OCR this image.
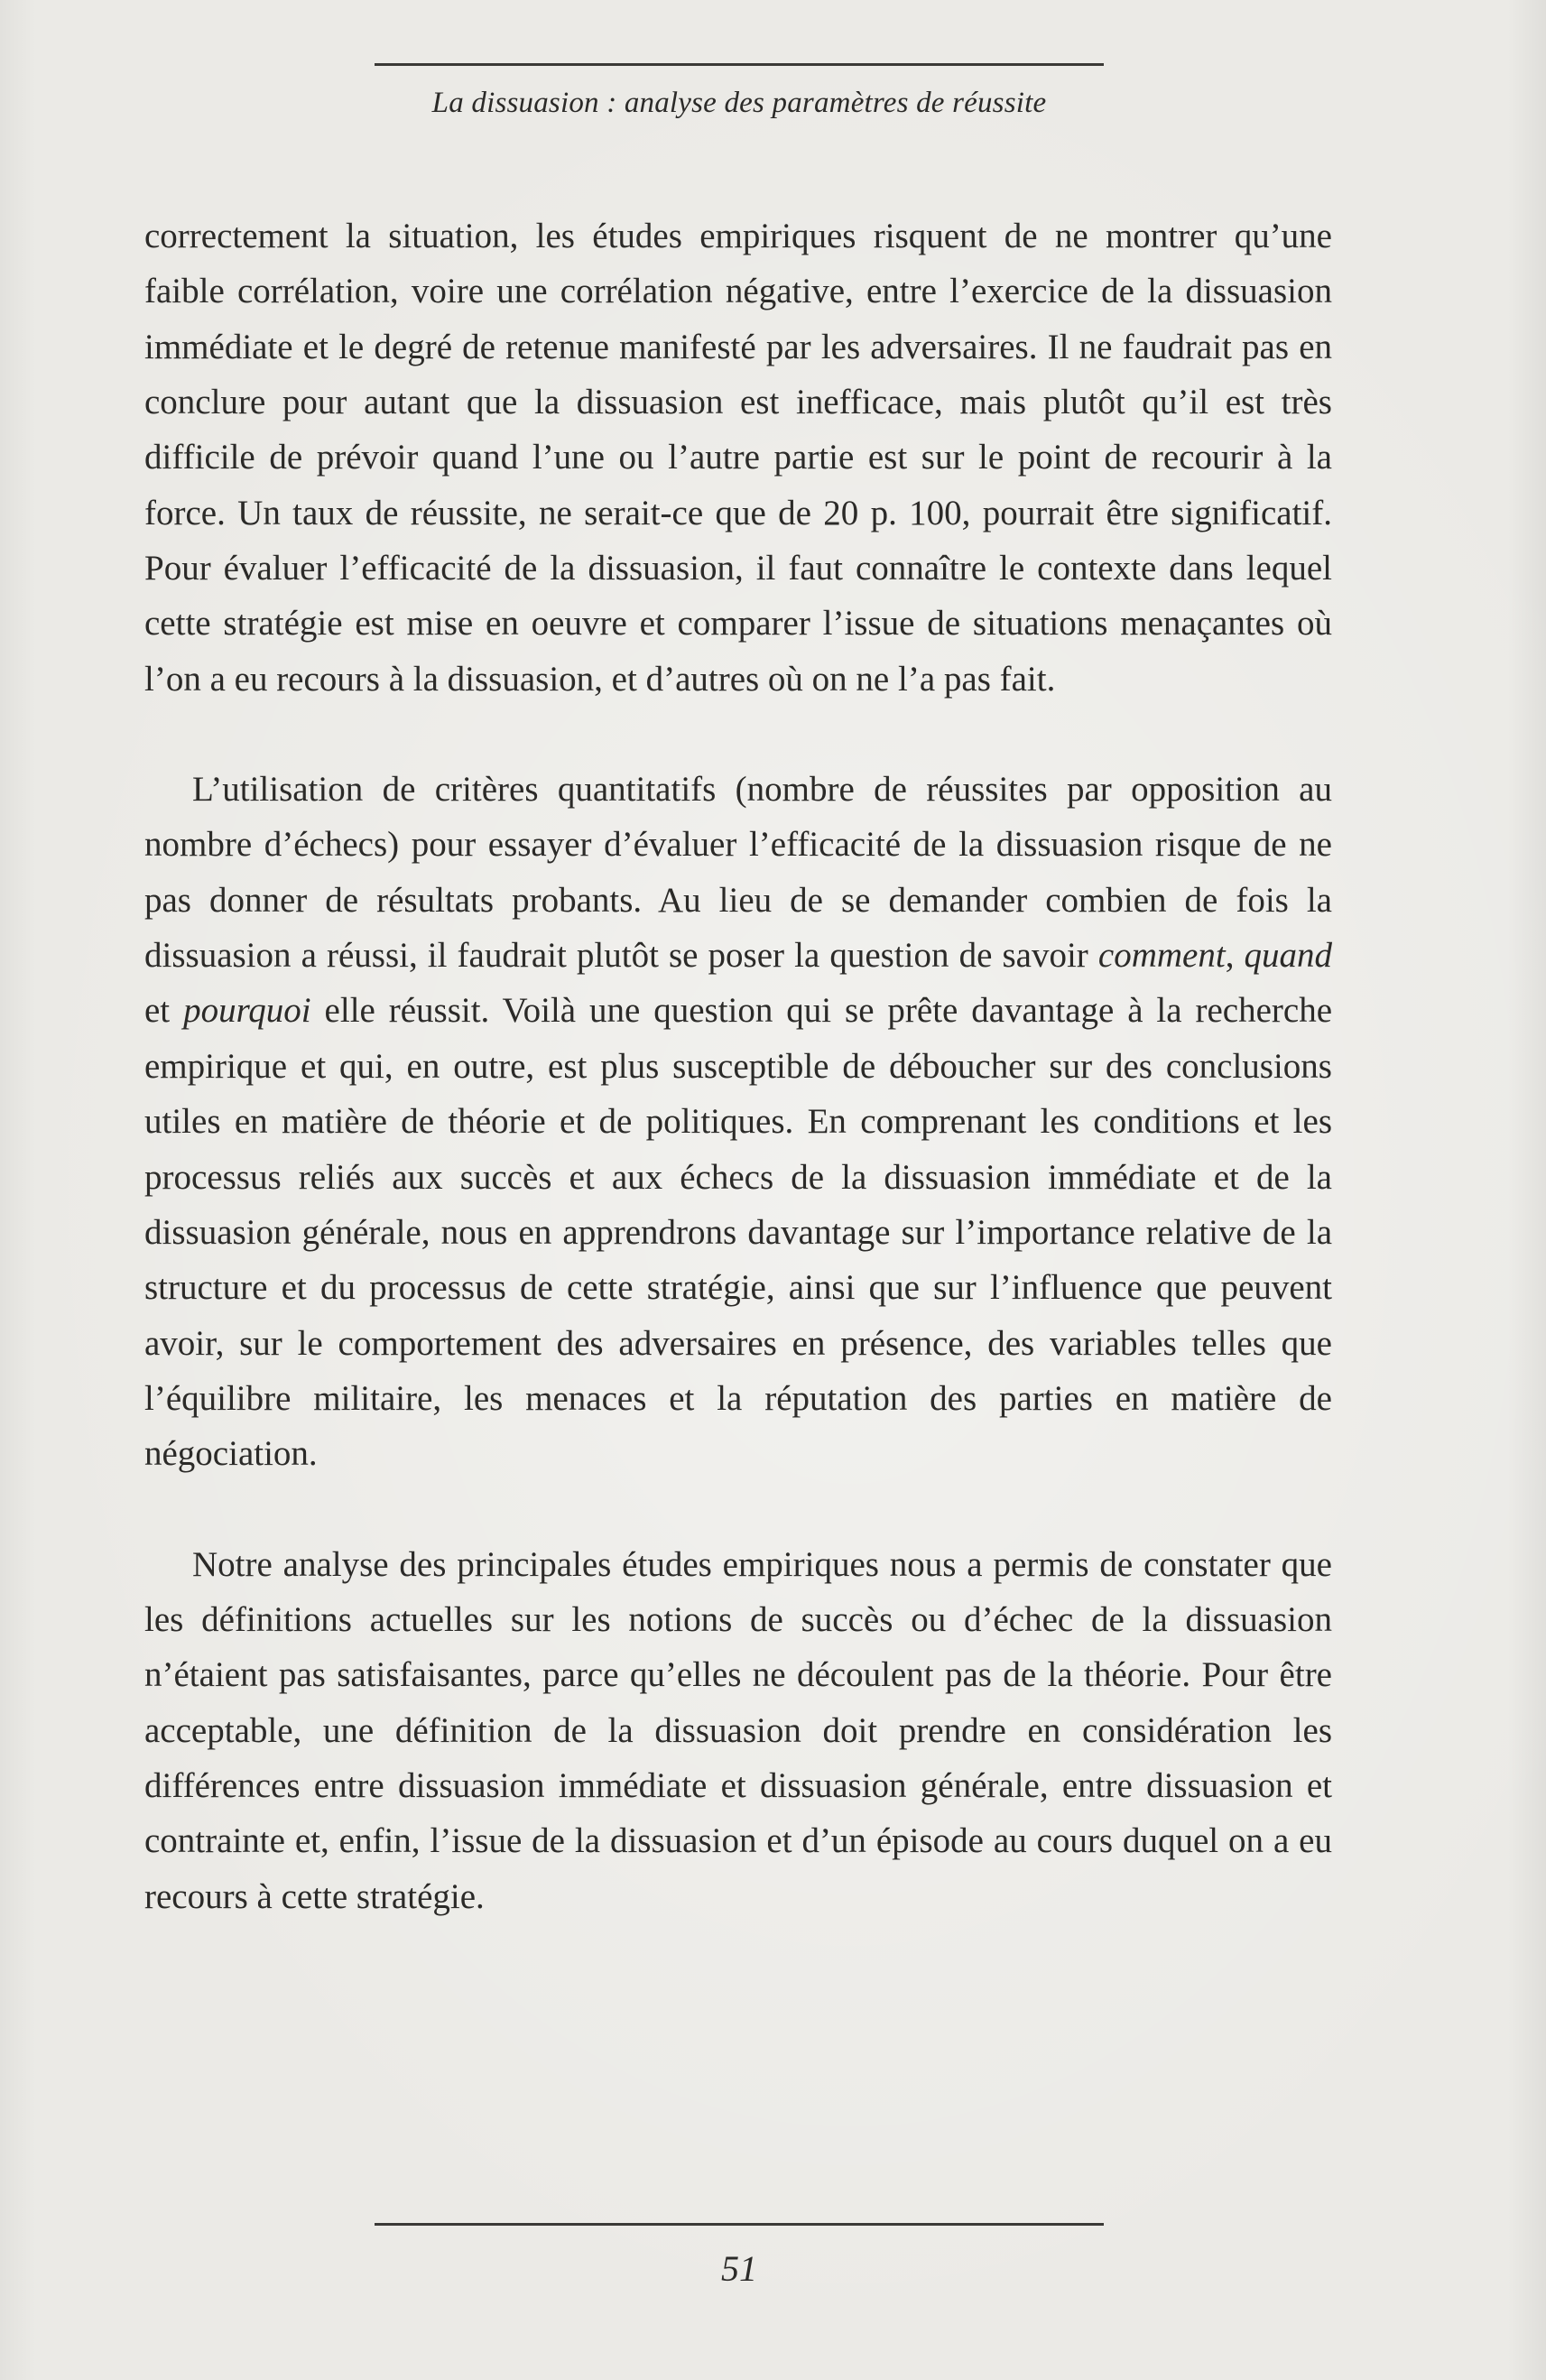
La dissuasion : analyse des paramètres de réussite

correctement la situation, les études empiriques risquent de ne montrer qu’une faible corrélation, voire une corrélation négative, entre l’exercice de la dissuasion immédiate et le degré de retenue manifesté par les adversaires. Il ne faudrait pas en conclure pour autant que la dissuasion est inefficace, mais plutôt qu’il est très difficile de prévoir quand l’une ou l’autre partie est sur le point de recourir à la force. Un taux de réussite, ne serait-ce que de 20 p. 100, pourrait être significatif. Pour évaluer l’efficacité de la dissuasion, il faut connaître le contexte dans lequel cette stratégie est mise en oeuvre et comparer l’issue de situations menaçantes où l’on a eu recours à la dissuasion, et d’autres où on ne l’a pas fait.

L’utilisation de critères quantitatifs (nombre de réussites par opposition au nombre d’échecs) pour essayer d’évaluer l’efficacité de la dissuasion risque de ne pas donner de résultats probants. Au lieu de se demander combien de fois la dissuasion a réussi, il faudrait plutôt se poser la question de savoir comment, quand et pourquoi elle réussit. Voilà une question qui se prête davantage à la recherche empirique et qui, en outre, est plus susceptible de déboucher sur des conclusions utiles en matière de théorie et de politiques. En comprenant les conditions et les processus reliés aux succès et aux échecs de la dissuasion immédiate et de la dissuasion générale, nous en apprendrons davantage sur l’importance relative de la structure et du processus de cette stratégie, ainsi que sur l’influence que peuvent avoir, sur le comportement des adversaires en présence, des variables telles que l’équilibre militaire, les menaces et la réputation des parties en matière de négociation.

Notre analyse des principales études empiriques nous a permis de constater que les définitions actuelles sur les notions de succès ou d’échec de la dissuasion n’étaient pas satisfaisantes, parce qu’elles ne découlent pas de la théorie. Pour être acceptable, une définition de la dissuasion doit prendre en considération les différences entre dissuasion immédiate et dissuasion générale, entre dissuasion et contrainte et, enfin, l’issue de la dissuasion et d’un épisode au cours duquel on a eu recours à cette stratégie.

51
